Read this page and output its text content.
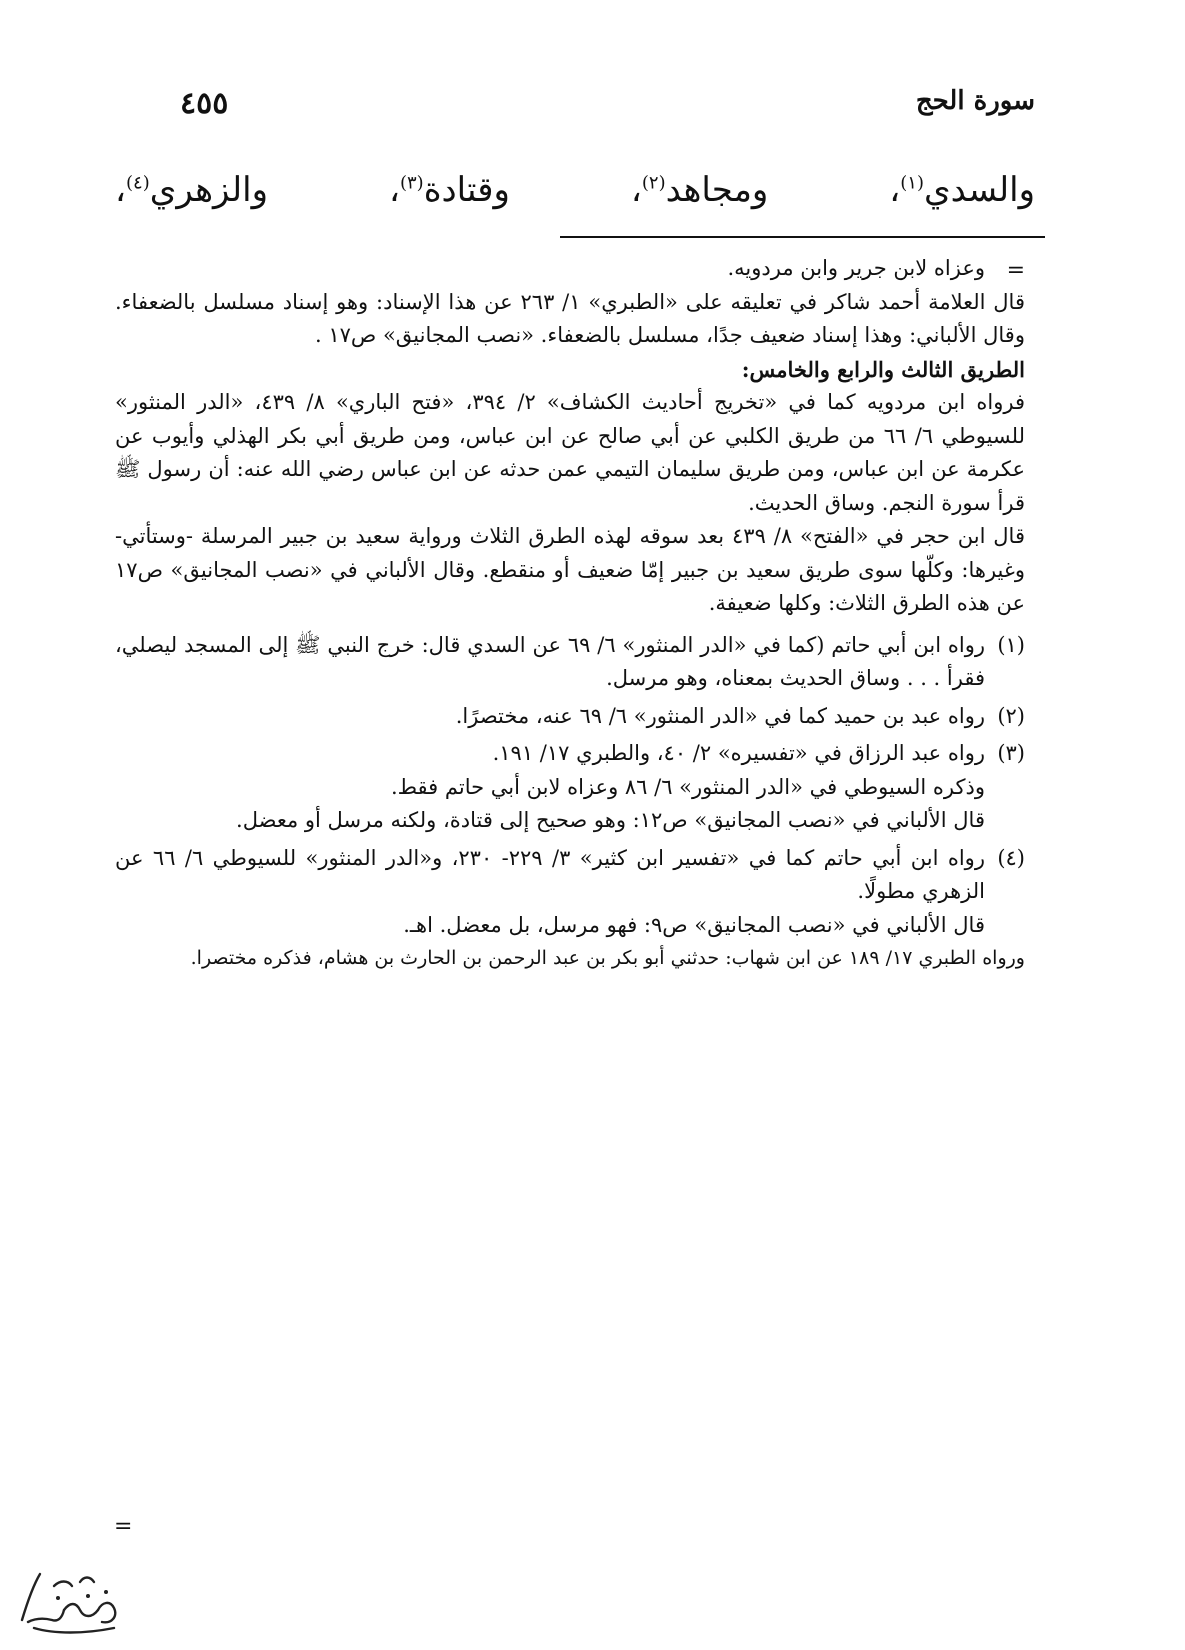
سورة الحج
٤٥٥
والسدي$^{(١)}$، ومجاهد$^{(٢)}$، وقتادة$^{(٣)}$، والزهري$^{(٤)}$،
=

وعزاه لابن جرير وابن مردويه.

قال العلامة أحمد شاكر في تعليقه على «الطبري» ١/ ٢٦٣ عن هذا الإسناد: وهو إسناد مسلسل بالضعفاء. وقال الألباني: وهذا إسناد ضعيف جدًا، مسلسل بالضعفاء. «نصب المجانيق» ص١٧ .

الطريق الثالث والرابع والخامس:

فرواه ابن مردويه كما في «تخريج أحاديث الكشاف» ٢/ ٣٩٤، «فتح الباري» ٨/ ٤٣٩، «الدر المنثور» للسيوطي ٦/ ٦٦ من طريق الكلبي عن أبي صالح عن ابن عباس، ومن طريق أبي بكر الهذلي وأيوب عن عكرمة عن ابن عباس، ومن طريق سليمان التيمي عمن حدثه عن ابن عباس رضي الله عنه: أن رسول ﷺ قرأ سورة النجم. وساق الحديث.

قال ابن حجر في «الفتح» ٨/ ٤٣٩ بعد سوقه لهذه الطرق الثلاث ورواية سعيد بن جبير المرسلة -وستأتي- وغيرها: وكلّها سوى طريق سعيد بن جبير إمّا ضعيف أو منقطع. وقال الألباني في «نصب المجانيق» ص١٧ عن هذه الطرق الثلاث: وكلها ضعيفة.

(١)

رواه ابن أبي حاتم (كما في «الدر المنثور» ٦/ ٦٩ عن السدي قال: خرج النبي ﷺ إلى المسجد ليصلي، فقرأ . . . وساق الحديث بمعناه، وهو مرسل.

(٢)

رواه عبد بن حميد كما في «الدر المنثور» ٦/ ٦٩ عنه، مختصرًا.

(٣)

رواه عبد الرزاق في «تفسيره» ٢/ ٤٠، والطبري ١٧/ ١٩١.

وذكره السيوطي في «الدر المنثور» ٦/ ٨٦ وعزاه لابن أبي حاتم فقط.

قال الألباني في «نصب المجانيق» ص١٢: وهو صحيح إلى قتادة، ولكنه مرسل أو معضل.

(٤)

رواه ابن أبي حاتم كما في «تفسير ابن كثير» ٣/ ٢٢٩- ٢٣٠، و«الدر المنثور» للسيوطي ٦/ ٦٦ عن الزهري مطولًا.

قال الألباني في «نصب المجانيق» ص٩: فهو مرسل، بل معضل. اهـ.

ورواه الطبري ١٧/ ١٨٩ عن ابن شهاب: حدثني أبو بكر بن عبد الرحمن بن الحارث بن هشام، فذكره مختصرا.

=
